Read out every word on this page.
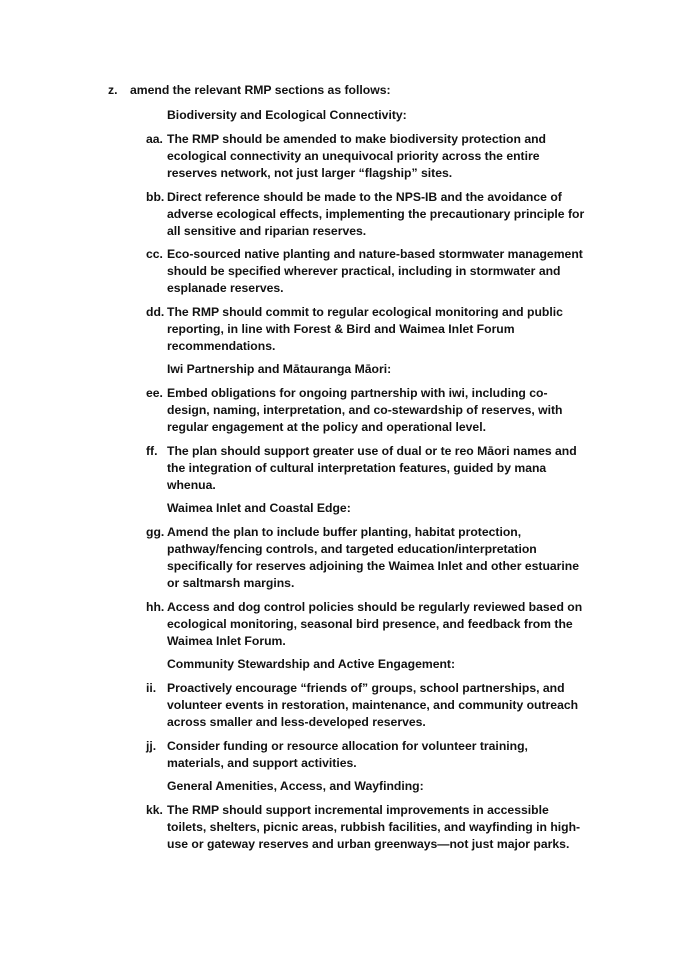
z. amend the relevant RMP sections as follows:
Biodiversity and Ecological Connectivity:
aa. The RMP should be amended to make biodiversity protection and
ecological connectivity an unequivocal priority across the entire
reserves network, not just larger “flagship” sites.
bb. Direct reference should be made to the NPS-IB and the avoidance of
adverse ecological effects, implementing the precautionary principle for
all sensitive and riparian reserves.
cc. Eco-sourced native planting and nature-based stormwater management
should be specified wherever practical, including in stormwater and
esplanade reserves.
dd. The RMP should commit to regular ecological monitoring and public
reporting, in line with Forest & Bird and Waimea Inlet Forum
recommendations.
Iwi Partnership and Mātauranga Māori:
ee. Embed obligations for ongoing partnership with iwi, including co-
design, naming, interpretation, and co-stewardship of reserves, with
regular engagement at the policy and operational level.
ff. The plan should support greater use of dual or te reo Māori names and
the integration of cultural interpretation features, guided by mana
whenua.
Waimea Inlet and Coastal Edge:
gg. Amend the plan to include buffer planting, habitat protection,
pathway/fencing controls, and targeted education/interpretation
specifically for reserves adjoining the Waimea Inlet and other estuarine
or saltmarsh margins.
hh. Access and dog control policies should be regularly reviewed based on
ecological monitoring, seasonal bird presence, and feedback from the
Waimea Inlet Forum.
Community Stewardship and Active Engagement:
ii. Proactively encourage “friends of” groups, school partnerships, and
volunteer events in restoration, maintenance, and community outreach
across smaller and less-developed reserves.
jj. Consider funding or resource allocation for volunteer training,
materials, and support activities.
General Amenities, Access, and Wayfinding:
kk. The RMP should support incremental improvements in accessible
toilets, shelters, picnic areas, rubbish facilities, and wayfinding in high-
use or gateway reserves and urban greenways—not just major parks.
